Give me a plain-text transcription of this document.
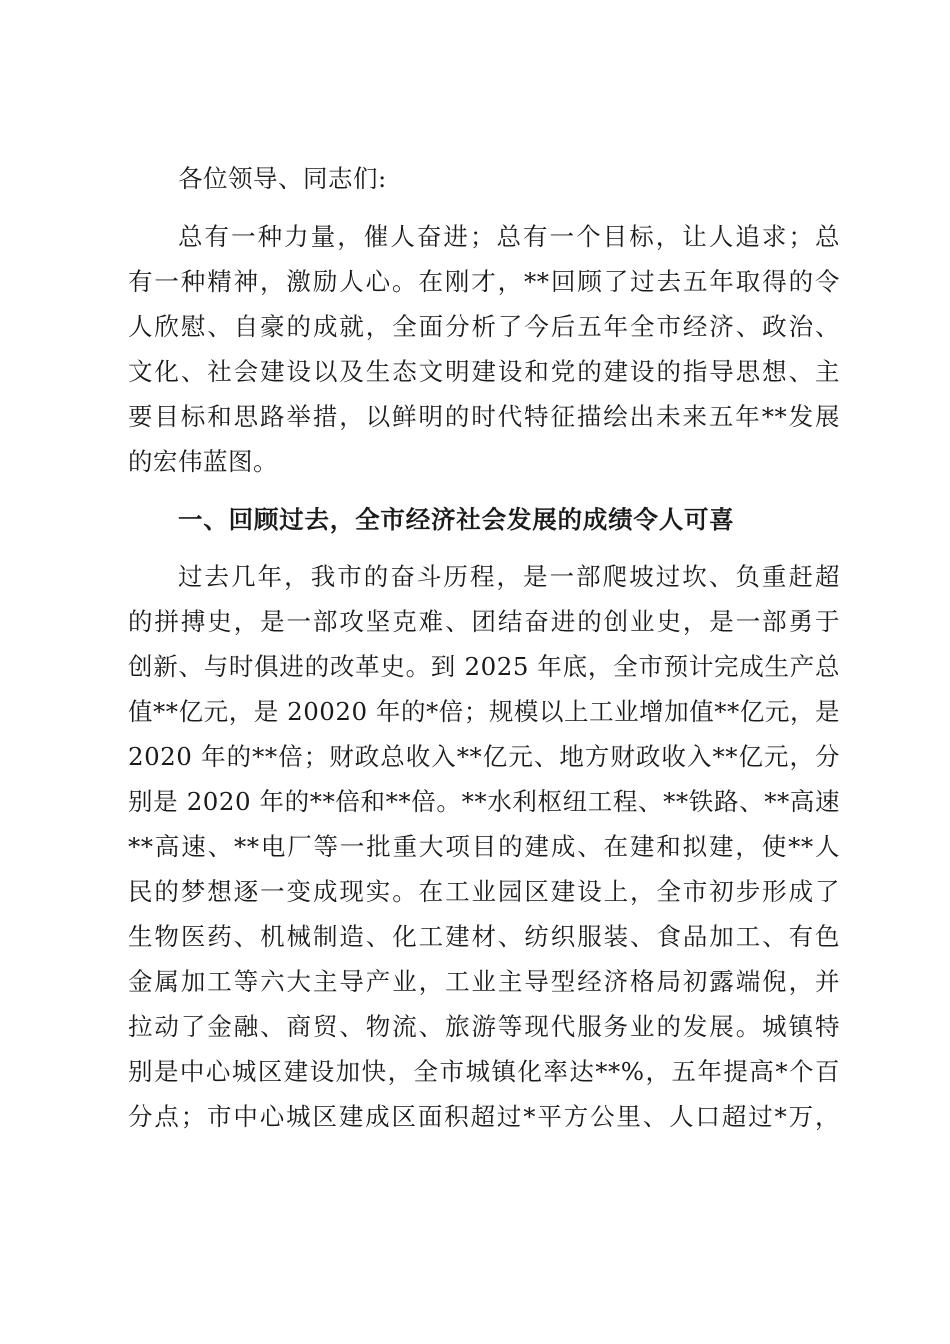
各位领导、同志们:
总有一种力量，催人奋进；总有一个目标，让人追求；总
有一种精神，激励人心。在刚才，**回顾了过去五年取得的令
人欣慰、自豪的成就，全面分析了今后五年全市经济、政治、
文化、社会建设以及生态文明建设和党的建设的指导思想、主
要目标和思路举措，以鲜明的时代特征描绘出未来五年**发展
的宏伟蓝图。
一、回顾过去，全市经济社会发展的成绩令人可喜
过去几年，我市的奋斗历程，是一部爬坡过坎、负重赶超
的拼搏史，是一部攻坚克难、团结奋进的创业史，是一部勇于
创新、与时俱进的改革史。到 2025 年底，全市预计完成生产总
值**亿元，是 20020 年的*倍；规模以上工业增加值**亿元，是
2020 年的**倍；财政总收入**亿元、地方财政收入**亿元，分
别是 2020 年的**倍和**倍。**水利枢纽工程、**铁路、**高速
**高速、**电厂等一批重大项目的建成、在建和拟建，使**人
民的梦想逐一变成现实。在工业园区建设上，全市初步形成了
生物医药、机械制造、化工建材、纺织服装、食品加工、有色
金属加工等六大主导产业，工业主导型经济格局初露端倪，并
拉动了金融、商贸、物流、旅游等现代服务业的发展。城镇特
别是中心城区建设加快，全市城镇化率达**%，五年提高*个百
分点；市中心城区建成区面积超过*平方公里、人口超过*万，
